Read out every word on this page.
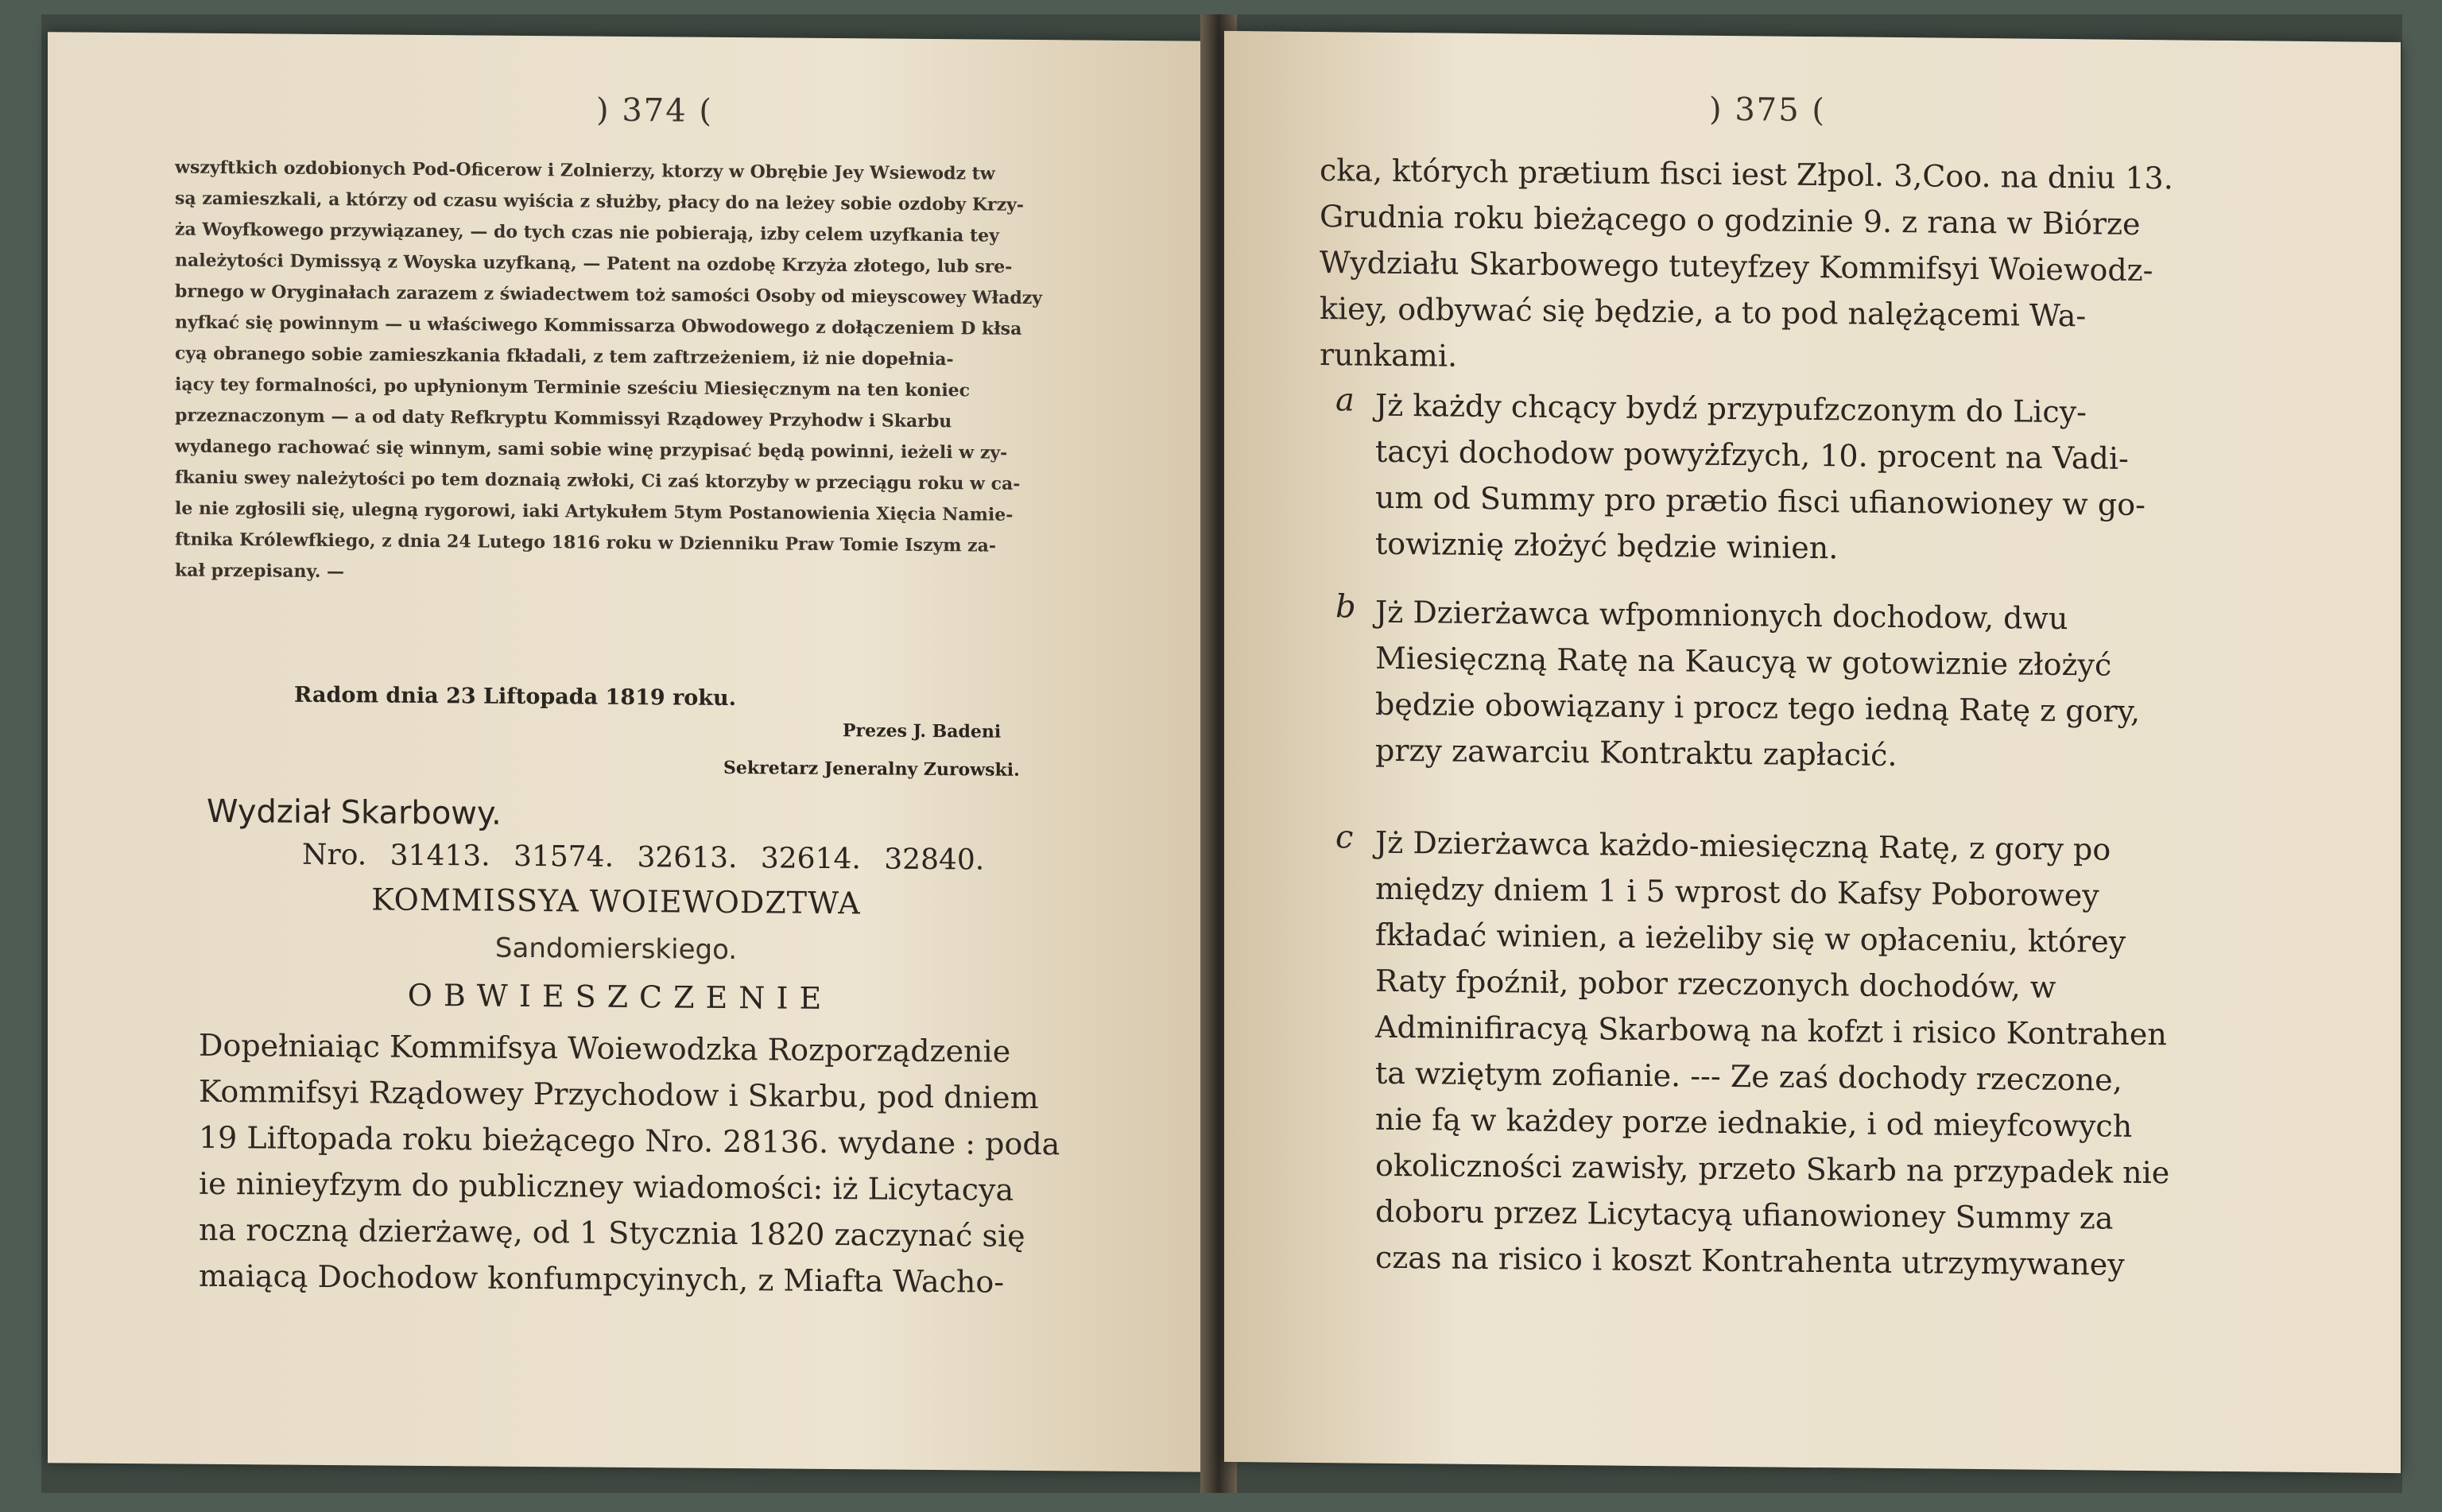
) 374 (

wszyftkich ozdobionych Pod-Oficerow i Zolnierzy, ktorzy w Obrębie Jey Wsiewodz tw

są zamieszkali, a którzy od czasu wyiścia z służby, płacy do na leżey sobie ozdoby Krzy-

ża Woyfkowego przywiązaney, — do tych czas nie pobierają, izby celem uzyfkania tey

należytości Dymissyą z Woyska uzyfkaną, — Patent na ozdobę Krzyża złotego, lub sre-

brnego w Oryginałach zarazem z świadectwem toż samości Osoby od mieyscowey Władzy

nyfkać się powinnym — u właściwego Kommissarza Obwodowego z dołączeniem D kłsa

cyą obranego sobie zamieszkania fkładali, z tem zaftrzeżeniem, iż nie dopełnia-

iący tey formalności, po upłynionym Terminie sześciu Miesięcznym na ten koniec

przeznaczonym — a od daty Refkryptu Kommissyi Rządowey Przyhodw i Skarbu

wydanego rachować się winnym, sami sobie winę przypisać będą powinni, ieżeli w zy-

fkaniu swey należytości po tem doznaią zwłoki, Ci zaś ktorzyby w przeciągu roku w ca-

le nie zgłosili się, ulegną rygorowi, iaki Artykułem 5tym Postanowienia Xięcia Namie-

ftnika Królewfkiego, z dnia 24 Lutego 1816 roku w Dzienniku Praw Tomie Iszym za-

kał przepisany. —

Radom dnia 23 Liftopada 1819 roku.
Prezes J. Badeni
Sekretarz Jeneralny Zurowski.
Wydział Skarbowy.
Nro. 31413. 31574. 32613. 32614. 32840.
KOMMISSYA WOIEWODZTWA
Sandomierskiego.
OBWIESZCZENIE

Dopełniaiąc Kommifsya Woiewodzka Rozporządzenie

Kommifsyi Rządowey Przychodow i Skarbu, pod dniem

19 Liftopada roku bieżącego Nro. 28136. wydane : poda

ie ninieyfzym do publiczney wiadomości: iż Licytacya

na roczną dzierżawę, od 1 Stycznia 1820 zaczynać się

maiącą Dochodow konfumpcyinych, z Miafta Wacho-

) 375 (

cka, których prætium fisci iest Złpol. 3,Coo. na dniu 13.

Grudnia roku bieżącego o godzinie 9. z rana w Biórze

Wydziału Skarbowego tuteyfzey Kommifsyi Woiewodz-

kiey, odbywać się będzie, a to pod nalężącemi Wa-

runkami.

a Jż każdy chcący bydź przypufzczonym do Licy-

tacyi dochodow powyżfzych, 10. procent na Vadi-

um od Summy pro prætio fisci ufianowioney w go-

towiznię złożyć będzie winien.

b Jż Dzierżawca wfpomnionych dochodow, dwu

Miesięczną Ratę na Kaucyą w gotowiznie złożyć

będzie obowiązany i procz tego iedną Ratę z gory,

przy zawarciu Kontraktu zapłacić.

c Jż Dzierżawca każdo-miesięczną Ratę, z gory po

między dniem 1 i 5 wprost do Kafsy Poborowey

fkładać winien, a ieżeliby się w opłaceniu, którey

Raty fpoźnił, pobor rzeczonych dochodów, w

Adminifiracyą Skarbową na kofzt i risico Kontrahen

ta wziętym zofianie. --- Ze zaś dochody rzeczone,

nie fą w każdey porze iednakie, i od mieyfcowych

okoliczności zawisły, przeto Skarb na przypadek nie

doboru przez Licytacyą ufianowioney Summy za

czas na risico i koszt Kontrahenta utrzymywaney
